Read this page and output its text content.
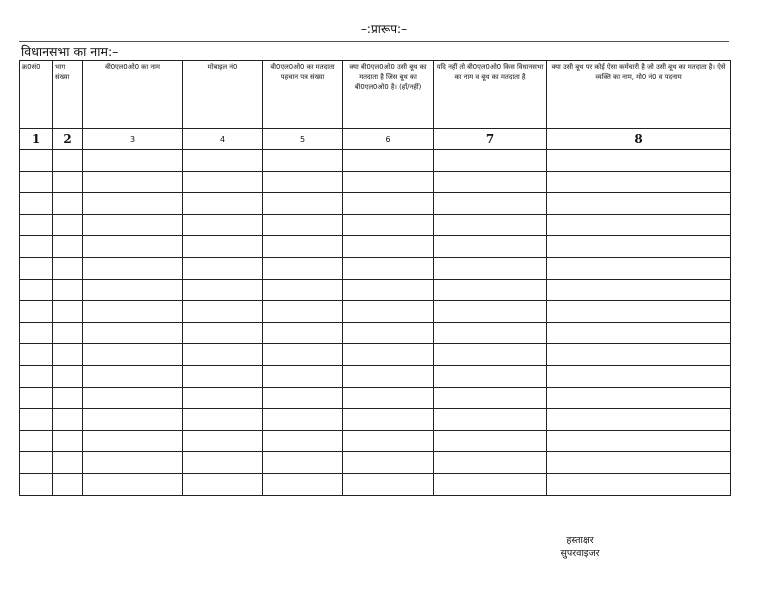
–:प्रारूप:–
विधानसभा का नाम:–
क्र0सं0	भाग संख्या	बी0एल0ओ0 का नाम	मोबाइल नं0	बी0एल0ओ0 का मतदाता पहचान पत्र संख्या	क्या बी0एल0ओ0 उसी बूथ का मतदाता है जिस बूथ का बी0एल0ओ0 है। (हाँ/नहीं)	यदि नहीं तो बी0एल0ओ0 किस विधानसभा का नाम व बूथ का मतदाता है	क्या उसी बूथ पर कोई ऐसा कर्मचारी है जो उसी बूथ का मतदाता है। ऐसे व्यक्ति का नाम, मो0 नं0 व पदनाम
1	2	3	4	5	6	7	8

हस्ताक्षर
सुपरवाइजर
